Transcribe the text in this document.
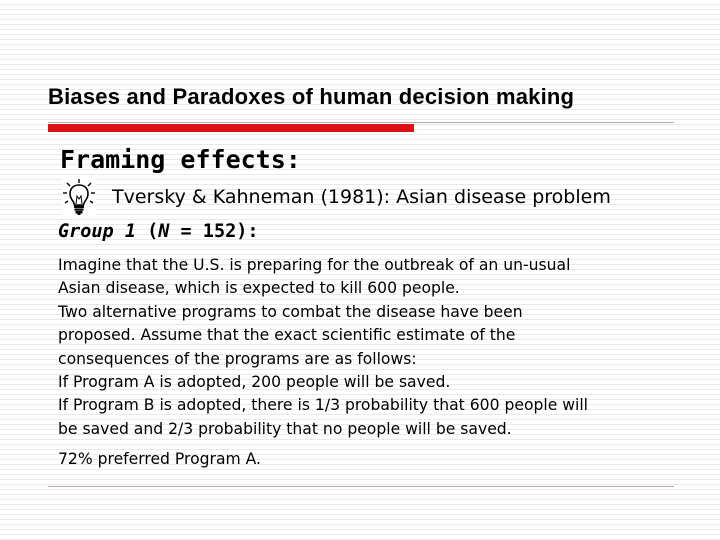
Biases and Paradoxes of human decision making
Framing effects:
Tversky & Kahneman (1981): Asian disease problem
Group 1 (N = 152):

Imagine that the U.S. is preparing for the outbreak of an un-usual

Asian disease, which is expected to kill 600 people.

Two alternative programs to combat the disease have been

proposed. Assume that the exact scientific estimate of the

consequences of the programs are as follows:

If Program A is adopted, 200 people will be saved.

If Program B is adopted, there is 1/3 probability that 600 people will

be saved and 2/3 probability that no people will be saved.

72% preferred Program A.
